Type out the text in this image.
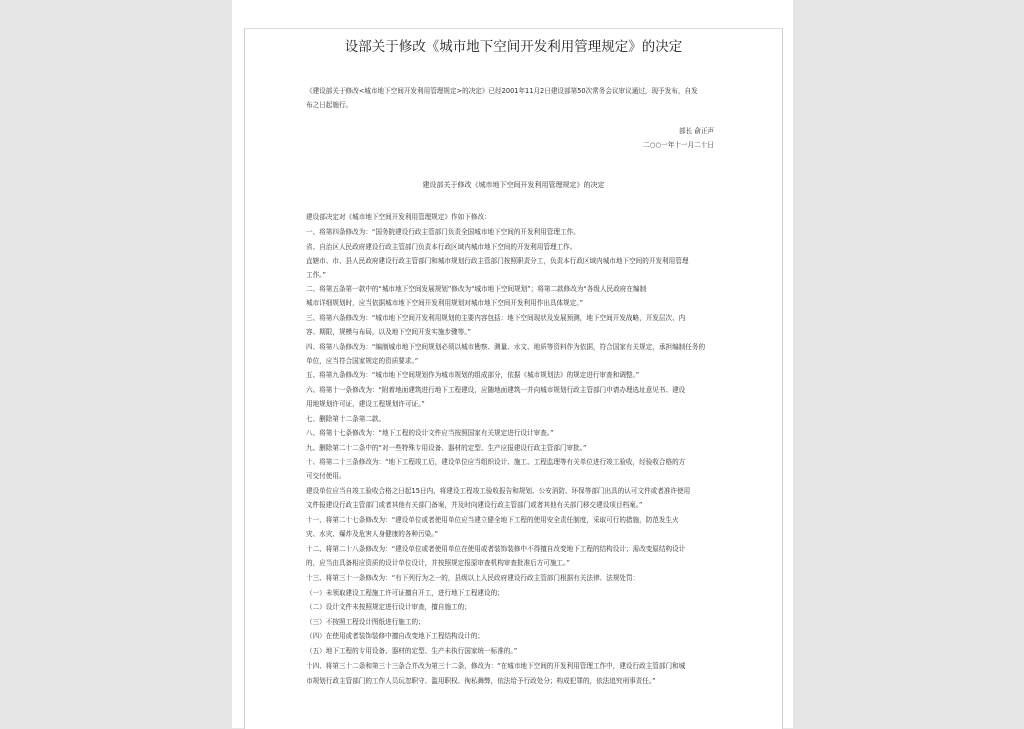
设部关于修改《城市地下空间开发利用管理规定》的决定
《建设部关于修改<城市地下空间开发利用管理规定>的决定》已经2001年11月2日建设部第50次常务会议审议通过，现予发布，自发
布之日起施行。
部长 俞正声
二○○一年十一月二十日
建设部关于修改《城市地下空间开发利用管理规定》的决定
建设部决定对《城市地下空间开发利用管理规定》作如下修改：
一、将第四条修改为：“国务院建设行政主管部门负责全国城市地下空间的开发利用管理工作。
省、自治区人民政府建设行政主管部门负责本行政区域内城市地下空间的开发利用管理工作。
直辖市、市、县人民政府建设行政主管部门和城市规划行政主管部门按照职责分工，负责本行政区域内城市地下空间的开发利用管理
工作。”
二、将第五条第一款中的“城市地下空间发展规划”修改为“城市地下空间规划”；将第二款修改为“各级人民政府在编制
城市详细规划时，应当依据城市地下空间开发利用规划对城市地下空间开发利用作出具体规定。”
三、将第六条修改为：“城市地下空间开发利用规划的主要内容包括：地下空间现状及发展预测，地下空间开发战略，开发层次、内
容、期限，规模与布局，以及地下空间开发实施步骤等。”
四、将第八条修改为：“编制城市地下空间规划必须以城市勘察、测量、水文、地质等资料作为依据，符合国家有关规定，承担编制任务的
单位，应当符合国家规定的资质要求。”
五、将第九条修改为：“城市地下空间规划作为城市规划的组成部分，依据《城市规划法》的规定进行审查和调整。”
六、将第十一条修改为：“附着地面建筑进行地下工程建设，应随地面建筑一并向城市规划行政主管部门申请办理选址意见书、建设
用地规划许可证、建设工程规划许可证。”
七、删除第十二条第二款。
八、将第十七条修改为：“地下工程的设计文件应当按照国家有关规定进行设计审查。”
九、删除第二十二条中的“对一些特殊专用设备、器材的定型、生产应报建设行政主管部门审批。”
十、将第二十三条修改为：“地下工程竣工后，建设单位应当组织设计、施工、工程监理等有关单位进行竣工验收，经验收合格的方
可交付使用。
建设单位应当自竣工验收合格之日起15日内，将建设工程竣工验收报告和规划、公安消防、环保等部门出具的认可文件或者准许使用
文件报建设行政主管部门或者其他有关部门备案，并及时向建设行政主管部门或者其他有关部门移交建设项目档案。”
十一、将第二十七条修改为：“建设单位或者使用单位应当建立健全地下工程的使用安全责任制度，采取可行的措施，防范发生火
灾、水灾、爆炸及危害人身健康的各种污染。”
十二、将第二十八条修改为：“建设单位或者使用单位在使用或者装饰装修中不得擅自改变地下工程的结构设计；需改变原结构设计
的，应当由具备相应资质的设计单位设计，并按照规定报原审查机构审查批准后方可施工。”
十三、将第三十一条修改为：“有下列行为之一的，县级以上人民政府建设行政主管部门根据有关法律、法规处罚：
（一）未领取建设工程施工许可证擅自开工，进行地下工程建设的；
（二）设计文件未按照规定进行设计审查，擅自施工的；
（三）不按照工程设计图纸进行施工的；
（四）在使用或者装饰装修中擅自改变地下工程结构设计的；
（五）地下工程的专用设备、器材的定型、生产未执行国家统一标准的。”
十四、将第三十二条和第三十三条合并改为第三十二条，修改为：“在城市地下空间的开发利用管理工作中，建设行政主管部门和城
市规划行政主管部门的工作人员玩忽职守、滥用职权、徇私舞弊，依法给予行政处分；构成犯罪的，依法追究刑事责任。”
